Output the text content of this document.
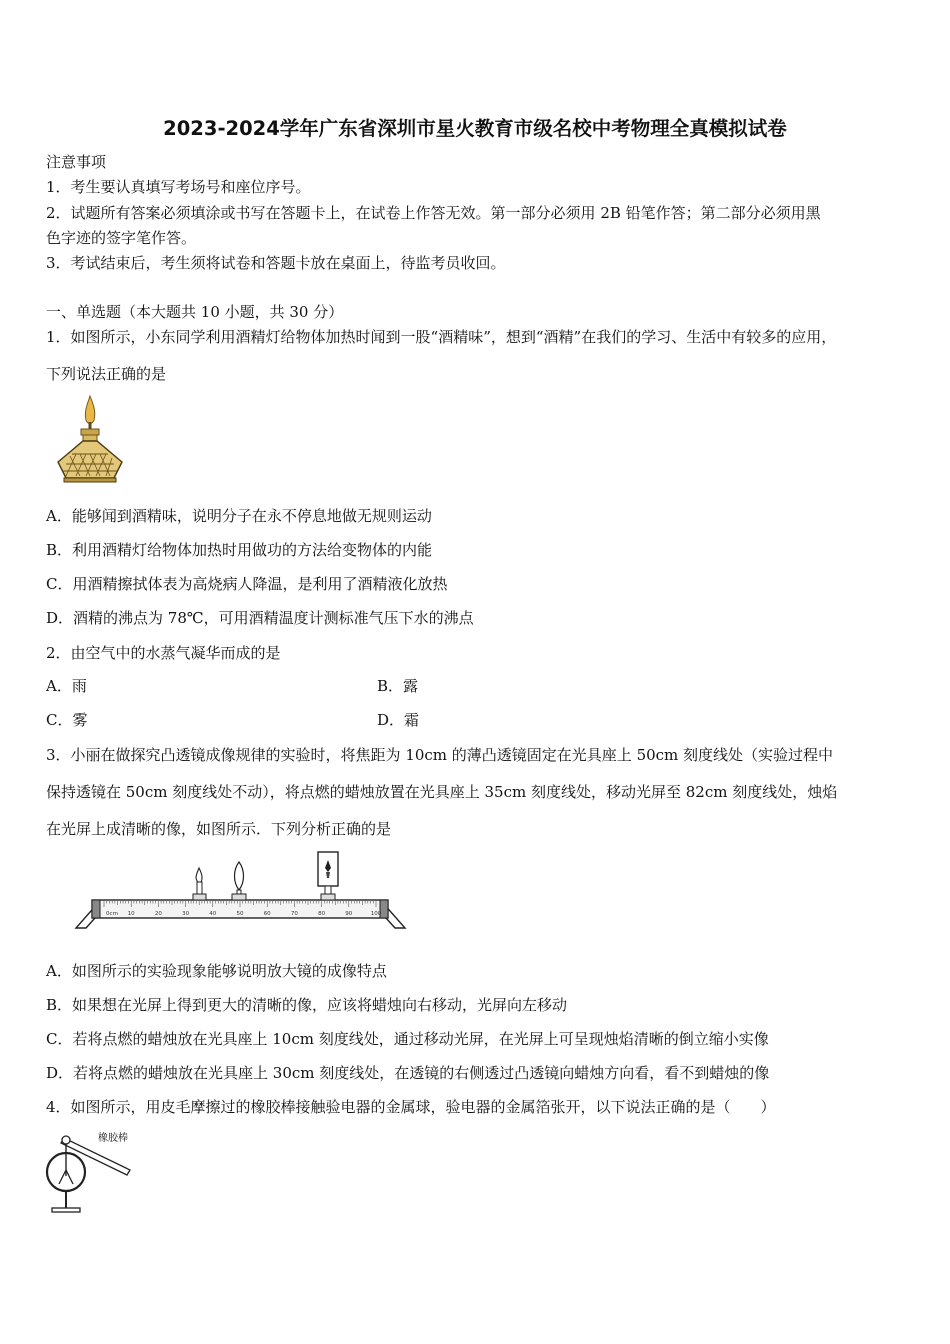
2023-2024学年广东省深圳市星火教育市级名校中考物理全真模拟试卷
注意事项
1．考生要认真填写考场号和座位序号。
2．试题所有答案必须填涂或书写在答题卡上，在试卷上作答无效。第一部分必须用 2B 铅笔作答；第二部分必须用黑
色字迹的签字笔作答。
3．考试结束后，考生须将试卷和答题卡放在桌面上，待监考员收回。
一、单选题（本大题共 10 小题，共 30 分）
1．如图所示，小东同学利用酒精灯给物体加热时闻到一股“酒精味”，想到“酒精”在我们的学习、生活中有较多的应用，
下列说法正确的是
A．能够闻到酒精味，说明分子在永不停息地做无规则运动
B．利用酒精灯给物体加热时用做功的方法给变物体的内能
C．用酒精擦拭体表为高烧病人降温，是利用了酒精液化放热
D．酒精的沸点为 78℃，可用酒精温度计测标准气压下水的沸点
2．由空气中的水蒸气凝华而成的是
A．雨	B．露
C．雾	D．霜
3．小丽在做探究凸透镜成像规律的实验时，将焦距为 10cm 的薄凸透镜固定在光具座上 50cm 刻度线处（实验过程中
保持透镜在 50cm 刻度线处不动），将点燃的蜡烛放置在光具座上 35cm 刻度线处，移动光屏至 82cm 刻度线处，烛焰
在光屏上成清晰的像，如图所示．下列分析正确的是
0cm 10	20	30	40	50	60	70	80	90	100
A．如图所示的实验现象能够说明放大镜的成像特点
B．如果想在光屏上得到更大的清晰的像，应该将蜡烛向右移动，光屏向左移动
C．若将点燃的蜡烛放在光具座上 10cm 刻度线处，通过移动光屏，在光屏上可呈现烛焰清晰的倒立缩小实像
D．若将点燃的蜡烛放在光具座上 30cm 刻度线处，在透镜的右侧透过凸透镜向蜡烛方向看，看不到蜡烛的像
4．如图所示，用皮毛摩擦过的橡胶棒接触验电器的金属球，验电器的金属箔张开，以下说法正确的是（　　）
橡胶棒
